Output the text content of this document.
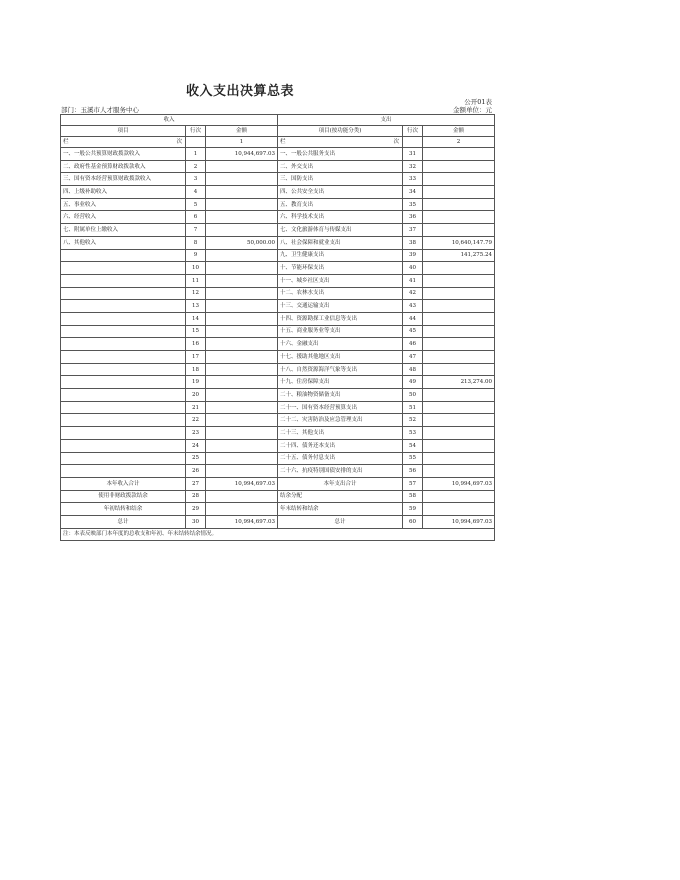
收入支出决算总表
公开01表
部门：玉溪市人才服务中心	金额单位：元
收入			支出		
项目	行次	金额	项目(按功能分类)	行次	金额
栏 次		1	栏 次		2
一、一般公共预算财政拨款收入	1	10,944,697.03	一、一般公共服务支出	31	
二、政府性基金预算财政拨款收入	2		二、外交支出	32	
三、国有资本经营预算财政拨款收入	3		三、国防支出	33	
四、上级补助收入	4		四、公共安全支出	34	
五、事业收入	5		五、教育支出	35	
六、经营收入	6		六、科学技术支出	36	
七、附属单位上缴收入	7		七、文化旅游体育与传媒支出	37	
八、其他收入	8	50,000.00	八、社会保障和就业支出	38	10,640,147.79
	9		九、卫生健康支出	39	141,275.24
	10		十、节能环保支出	40	
	11		十一、城乡社区支出	41	
	12		十二、农林水支出	42	
	13		十三、交通运输支出	43	
	14		十四、资源勘探工业信息等支出	44	
	15		十五、商业服务业等支出	45	
	16		十六、金融支出	46	
	17		十七、援助其他地区支出	47	
	18		十八、自然资源海洋气象等支出	48	
	19		十九、住房保障支出	49	213,274.00
	20		二十、粮油物资储备支出	50	
	21		二十一、国有资本经营预算支出	51	
	22		二十二、灾害防治及应急管理支出	52	
	23		二十三、其他支出	53	
	24		二十四、债务还本支出	54	
	25		二十五、债务付息支出	55	
	26		二十六、抗疫特别国债安排的支出	56	
本年收入合计	27	10,994,697.03	本年支出合计	57	10,994,697.03
使用非财政拨款结余	28		结余分配	58	
年初结转和结余	29		年末结转和结余	59	
总计	30	10,994,697.03	总计	60	10,994,697.03
注：本表反映部门本年度的总收支和年初、年末结转结余情况。					
